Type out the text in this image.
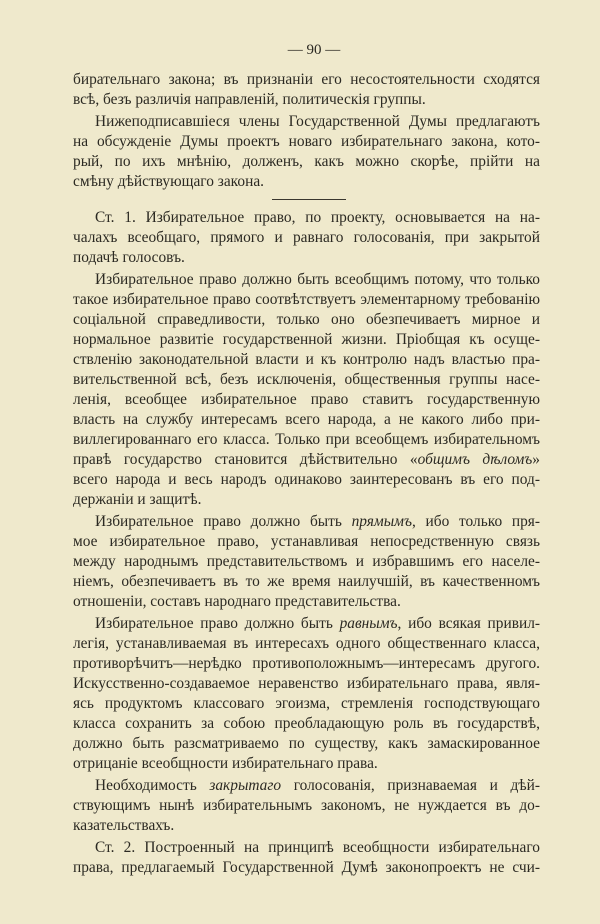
— 90 —
бирательнаго закона; въ признаніи его несостоятельности сходятся
всѣ, безъ различія направленій, политическія группы.
Нижеподписавшіеся члены Государственной Думы предлагаютъ
на обсужденіе Думы проектъ новаго избирательнаго закона, кото-
рый, по ихъ мнѣнію, долженъ, какъ можно скорѣе, прійти на
смѣну дѣйствующаго закона.
Ст. 1. Избирательное право, по проекту, основывается на на-
чалахъ всеобщаго, прямого и равнаго голосованія, при закрытой
подачѣ голосовъ.
Избирательное право должно быть всеобщимъ потому, что только
такое избирательное право соотвѣтствуетъ элементарному требованію
соціальной справедливости, только оно обезпечиваетъ мирное и
нормальное развитіе государственной жизни. Пріобщая къ осуще-
ствленію законодательной власти и къ контролю надъ властью пра-
вительственной всѣ, безъ исключенія, общественныя группы насе-
ленія, всеобщее избирательное право ставитъ государственную
власть на службу интересамъ всего народа, а не какого либо при-
виллегированнаго его класса. Только при всеобщемъ избирательномъ
правѣ государство становится дѣйствительно «общимъ дѣломъ»
всего народа и весь народъ одинаково заинтересованъ въ его под-
держаніи и защитѣ.
Избирательное право должно быть прямымъ, ибо только пря-
мое избирательное право, устанавливая непосредственную связь
между народнымъ представительствомъ и избравшимъ его населе-
ніемъ, обезпечиваетъ въ то же время наилучшій, въ качественномъ
отношеніи, составъ народнаго представительства.
Избирательное право должно быть равнымъ, ибо всякая привил-
легія, устанавливаемая въ интересахъ одного общественнаго класса,
противорѣчитъ—нерѣдко противоположнымъ—интересамъ другого.
Искусственно-создаваемое неравенство избирательнаго права, явля-
ясь продуктомъ классоваго эгоизма, стремленія господствующаго
класса сохранить за собою преобладающую роль въ государствѣ,
должно быть разсматриваемо по существу, какъ замаскированное
отрицаніе всеобщности избирательнаго права.
Необходимость закрытаго голосованія, признаваемая и дѣй-
ствующимъ нынѣ избирательнымъ закономъ, не нуждается въ до-
казательствахъ.
Ст. 2. Построенный на принципѣ всеобщности избирательнаго
права, предлагаемый Государственной Думѣ законопроектъ не счи-
